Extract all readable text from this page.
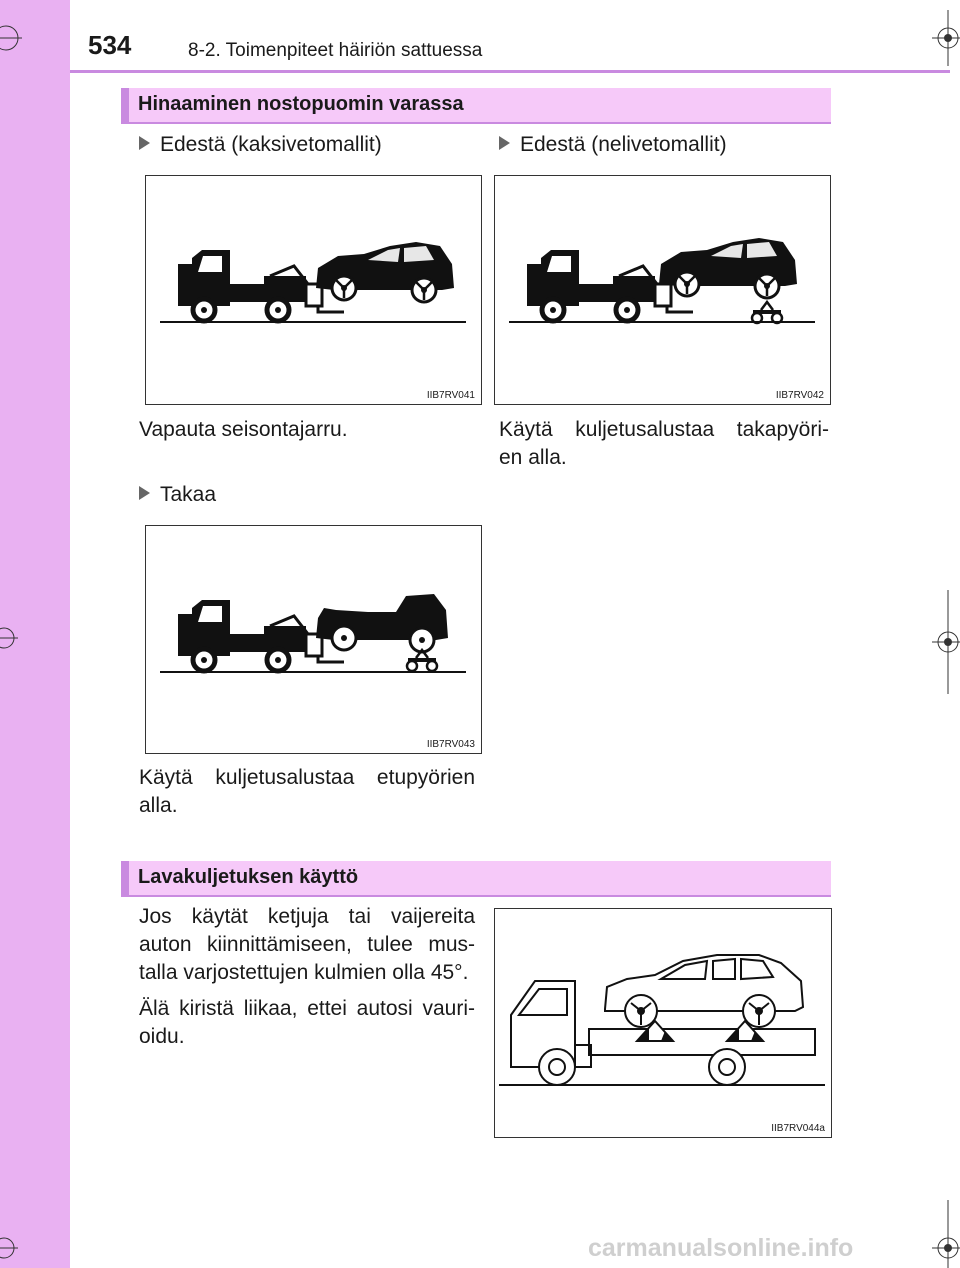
534	8-2. Toimenpiteet häiriön sattuessa
Hinaaminen nostopuomin varassa
Edestä (kaksivetomallit)	Edestä (nelivetomallit)
IIB7RV041	IIB7RV042
Vapauta seisontajarru.	Käytä kuljetusalustaa takapyöri-
en alla.
Takaa
IIB7RV043
Käytä kuljetusalustaa etupyörien
alla.
Lavakuljetuksen käyttö
Jos käytät ketjuja tai vaijereita
auton kiinnittämiseen, tulee mus-
talla varjostettujen kulmien olla 45°.
Älä kiristä liikaa, ettei autosi vauri-
oidu.
IIB7RV044a
carmanualsonline.info
